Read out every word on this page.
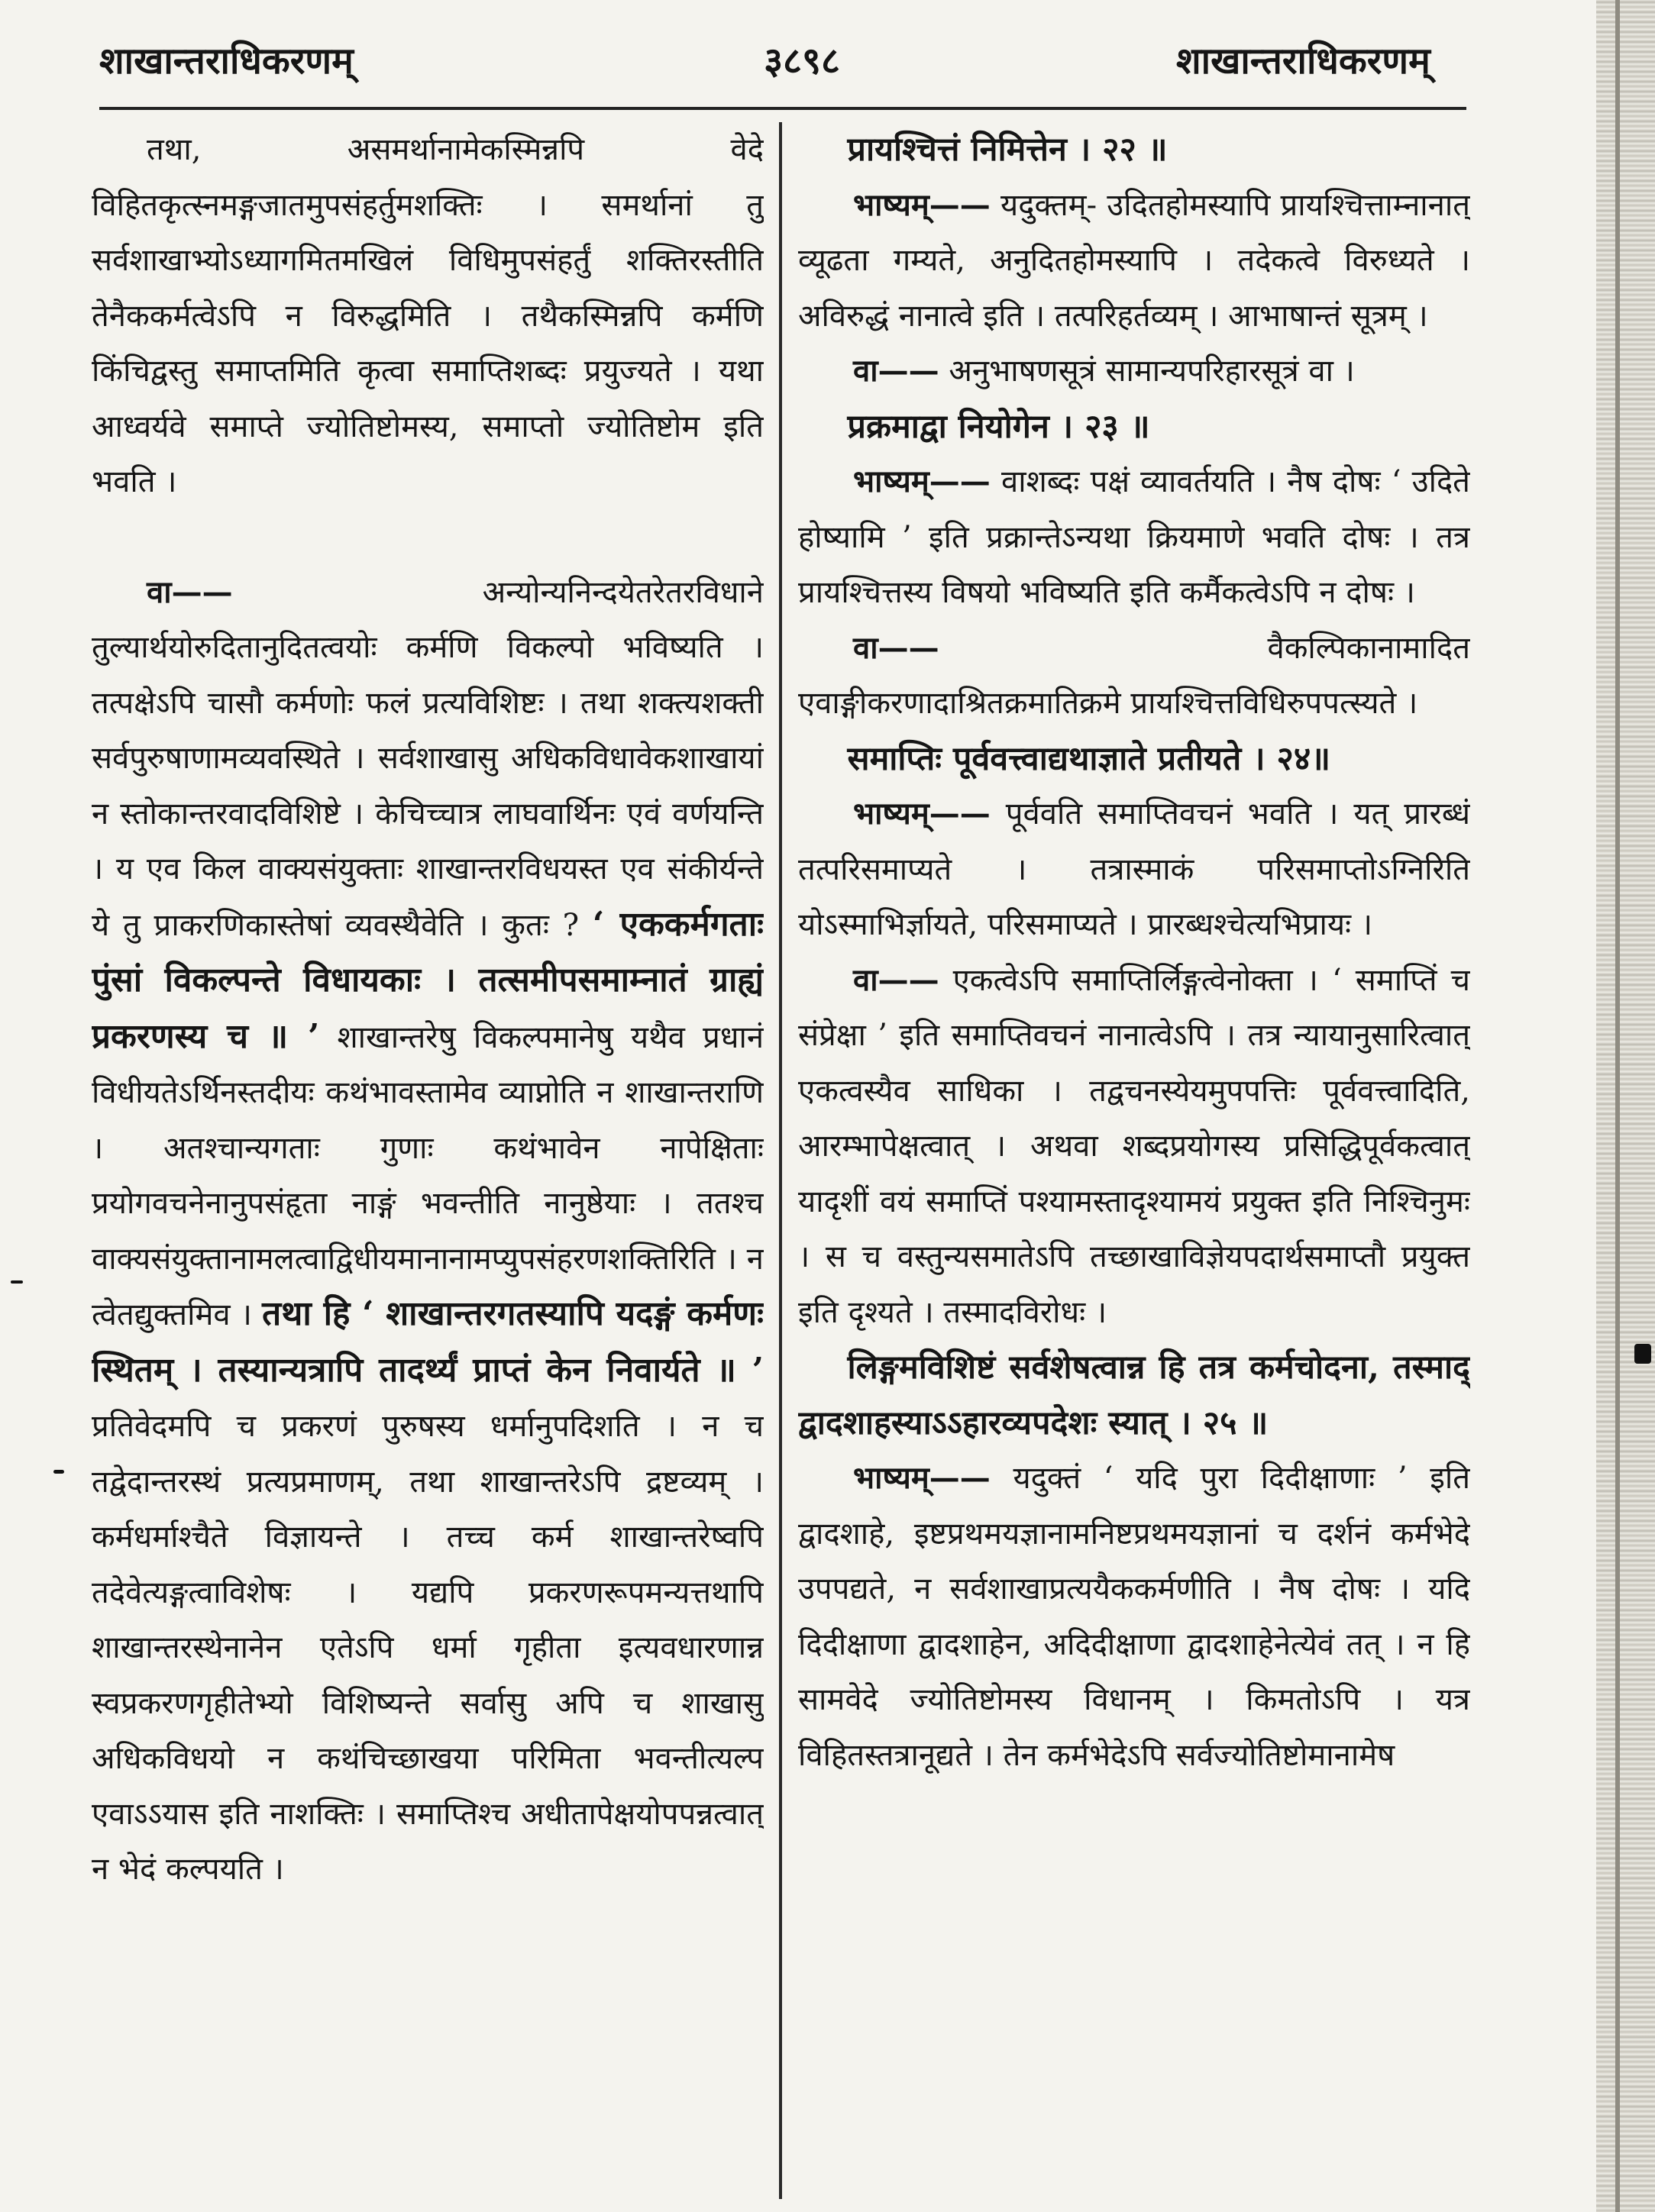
शाखान्तराधिकरणम्	३८९८	शाखान्तराधिकरणम्

तथा, असमर्थानामेकस्मिन्नपि वेदे विहितकृत्स्नमङ्गजातमुपसंहर्तुमशक्तिः । समर्थानां तु सर्वशाखाभ्योऽध्यागमितमखिलं विधिमुपसंहर्तुं शक्तिरस्तीति तेनैककर्मत्वेऽपि न विरुद्धमिति । तथैकस्मिन्नपि कर्मणि किंचिद्वस्तु समाप्तमिति कृत्वा समाप्तिशब्दः प्रयुज्यते । यथा आध्वर्यवे समाप्ते ज्योतिष्टोमस्य, समाप्तो ज्योतिष्टोम इति भवति ।

वा——	अन्योन्यनिन्दयेतरेतरविधाने तुल्यार्थयोरुदितानुदितत्वयोः कर्मणि विकल्पो भविष्यति । तत्पक्षेऽपि चासौ कर्मणोः फलं प्रत्यविशिष्टः । तथा शक्त्यशक्ती सर्वपुरुषाणामव्यवस्थिते । सर्वशाखासु अधिकविधावेकशाखायां न स्तोकान्तरवादविशिष्टे । केचिच्चात्र लाघवार्थिनः एवं वर्णयन्ति । य एव किल वाक्यसंयुक्ताः शाखान्तरविधयस्त एव संकीर्यन्ते ये तु प्राकरणिकास्तेषां व्यवस्थैवेति । कुतः ? ‘ एककर्मगताः पुंसां विकल्पन्ते विधायकाः । तत्समीपसमाम्नातं ग्राह्यं प्रकरणस्य च ॥ ’ शाखान्तरेषु विकल्पमानेषु यथैव प्रधानं विधीयतेऽर्थिनस्तदीयः कथंभावस्तामेव व्याप्नोति न शाखान्तराणि । अतश्चान्यगताः गुणाः कथंभावेन नापेक्षिताः प्रयोगवचनेनानुपसंहृता नाङ्गं भवन्तीति नानुष्ठेयाः । ततश्च वाक्यसंयुक्तानामलत्वाद्विधीयमानानामप्युपसंहरणशक्तिरिति । न त्वेतद्युक्तमिव । तथा हि ‘ शाखान्तरगतस्यापि यदङ्गं कर्मणः स्थितम् । तस्यान्यत्रापि तादर्थ्यं प्राप्तं केन निवार्यते ॥ ’ प्रतिवेदमपि च प्रकरणं पुरुषस्य धर्मानुपदिशति । न च तद्वेदान्तरस्थं प्रत्यप्रमाणम्, तथा शाखान्तरेऽपि द्रष्टव्यम् । कर्मधर्माश्चैते विज्ञायन्ते । तच्च कर्म शाखान्तरेष्वपि तदेवेत्यङ्गत्वाविशेषः । यद्यपि प्रकरणरूपमन्यत्तथापि शाखान्तरस्थेनानेन एतेऽपि धर्मा गृहीता इत्यवधारणान्न स्वप्रकरणगृहीतेभ्यो विशिष्यन्ते सर्वासु अपि च शाखासु अधिकविधयो न कथंचिच्छाखया परिमिता भवन्तीत्यल्प एवाऽऽयास इति नाशक्तिः । समाप्तिश्च अधीतापेक्षयोपपन्नत्वात् न भेदं कल्पयति ।

प्रायश्चित्तं निमित्तेन । २२ ॥

भाष्यम्—— यदुक्तम्- उदितहोमस्यापि प्रायश्चित्ताम्नानात् व्यूढता गम्यते, अनुदितहोमस्यापि । तदेकत्वे विरुध्यते । अविरुद्धं नानात्वे इति । तत्परिहर्तव्यम् । आभाषान्तं सूत्रम् ।

वा—— अनुभाषणसूत्रं सामान्यपरिहारसूत्रं वा ।

प्रक्रमाद्वा नियोगेन । २३ ॥

भाष्यम्—— वाशब्दः पक्षं व्यावर्तयति । नैष दोषः ‘ उदिते होष्यामि ’ इति प्रक्रान्तेऽन्यथा क्रियमाणे भवति दोषः । तत्र प्रायश्चित्तस्य विषयो भविष्यति इति कर्मैकत्वेऽपि न दोषः ।

वा——	वैकल्पिकानामादित एवाङ्गीकरणादाश्रितक्रमातिक्रमे प्रायश्चित्तविधिरुपपत्स्यते ।

समाप्तिः पूर्ववत्त्वाद्यथाज्ञाते प्रतीयते । २४॥

भाष्यम्—— पूर्ववति समाप्तिवचनं भवति । यत् प्रारब्धं तत्परिसमाप्यते । तत्रास्माकं परिसमाप्तोऽग्निरिति योऽस्माभिर्ज्ञायते, परिसमाप्यते । प्रारब्धश्चेत्यभिप्रायः ।

वा—— एकत्वेऽपि समाप्तिर्लिङ्गत्वेनोक्ता । ‘ समाप्तिं च संप्रेक्षा ’ इति समाप्तिवचनं नानात्वेऽपि । तत्र न्यायानुसारित्वात् एकत्वस्यैव साधिका । तद्वचनस्येयमुपपत्तिः पूर्ववत्त्वादिति, आरम्भापेक्षत्वात् । अथवा शब्दप्रयोगस्य प्रसिद्धिपूर्वकत्वात् यादृशीं वयं समाप्तिं पश्यामस्तादृश्यामयं प्रयुक्त इति निश्चिनुमः । स च वस्तुन्यसमातेऽपि तच्छाखाविज्ञेयपदार्थसमाप्तौ प्रयुक्त इति दृश्यते । तस्मादविरोधः ।

लिङ्गमविशिष्टं सर्वशेषत्वान्न हि तत्र कर्मचोदना, तस्माद् द्वादशाहस्याऽऽहारव्यपदेशः स्यात् । २५ ॥

भाष्यम्—— यदुक्तं ‘ यदि पुरा दिदीक्षाणाः ’ इति द्वादशाहे, इष्टप्रथमयज्ञानामनिष्टप्रथमयज्ञानां च दर्शनं कर्मभेदे उपपद्यते, न सर्वशाखाप्रत्ययैककर्मणीति । नैष दोषः । यदि दिदीक्षाणा द्वादशाहेन, अदिदीक्षाणा द्वादशाहेनेत्येवं तत् । न हि सामवेदे ज्योतिष्टोमस्य विधानम् । किमतोऽपि । यत्र विहितस्तत्रानूद्यते । तेन कर्मभेदेऽपि सर्वज्योतिष्टोमानामेष
